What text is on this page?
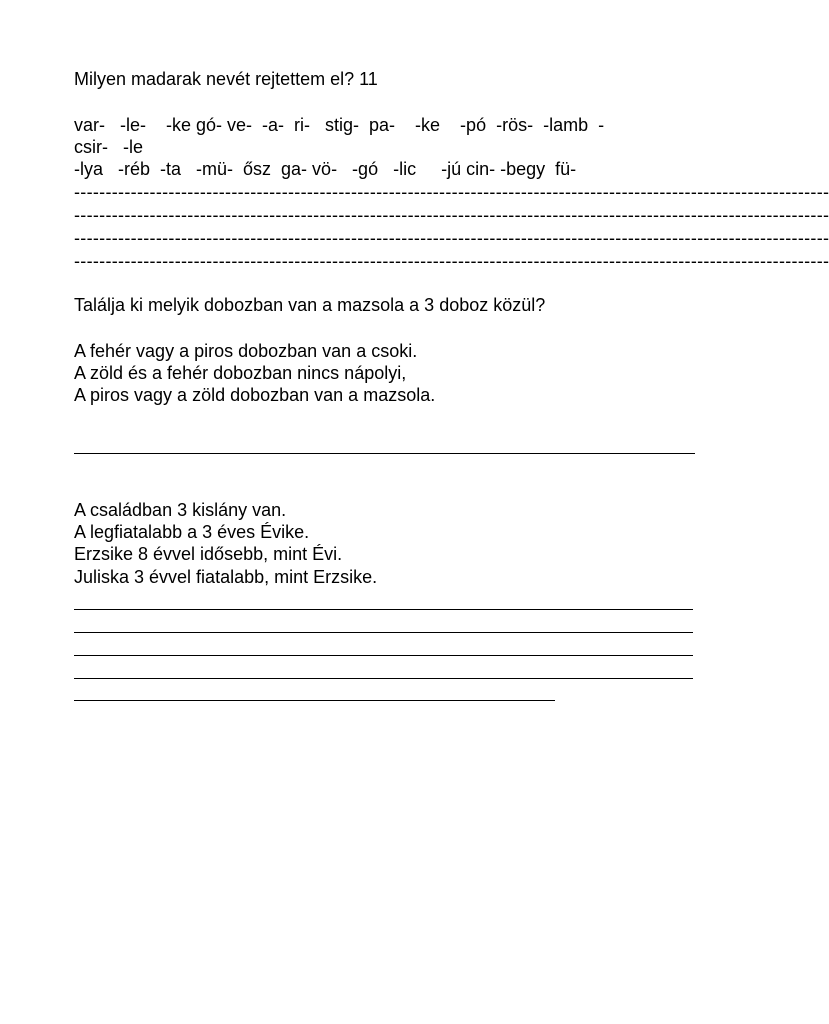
Milyen madarak nevét rejtettem el? 11
var-   -le-    -ke gó- ve-  -a-  ri-   stig-  pa-    -ke    -pó  -rös-  -lamb  -
csir-   -le
-lya   -réb  -ta   -mü-  ősz  ga- vö-   -gó   -lic     -jú cin- -begy  fü-
------------------------------------------------------------------------------------------------------------------------
------------------------------------------------------------------------------------------------------------------------
------------------------------------------------------------------------------------------------------------------------
------------------------------------------------------------------------------------------------------------------------
Találja ki melyik dobozban van a mazsola a 3 doboz közül?
A fehér vagy a piros dobozban van a csoki.
A zöld és a fehér dobozban nincs nápolyi,
A piros vagy a zöld dobozban van a mazsola.
A családban 3 kislány van.
A legfiatalabb a 3 éves Évike.
Erzsike 8 évvel idősebb, mint Évi.
Juliska 3 évvel fiatalabb, mint Erzsike.
